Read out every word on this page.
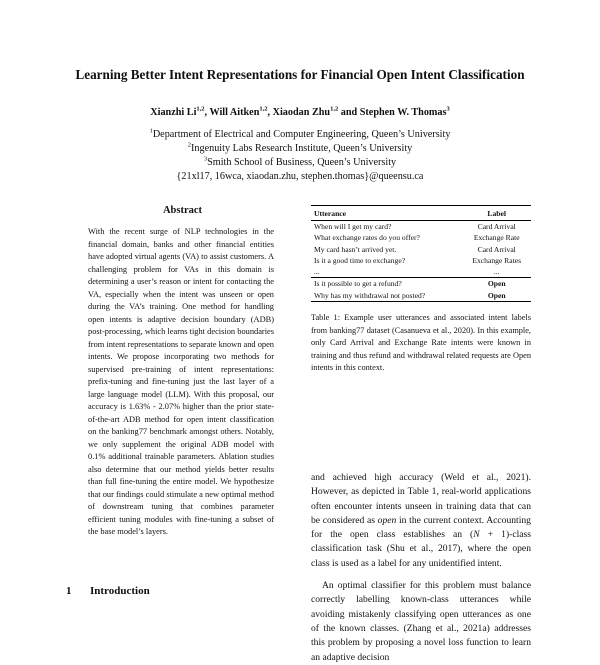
Learning Better Intent Representations for Financial Open Intent Classification
Xianzhi Li$^{1,2}$, Will Aitken$^{1,2}$, Xiaodan Zhu$^{1,2}$ and Stephen W. Thomas$^3$
$^1$Department of Electrical and Computer Engineering, Queen’s University
$^2$Ingenuity Labs Research Institute, Queen’s University
$^3$Smith School of Business, Queen’s University
{21xl17, 16wca, xiaodan.zhu, stephen.thomas}@queensu.ca
Abstract

With the recent surge of NLP technologies in the financial domain, banks and other financial entities have adopted virtual agents (VA) to assist customers. A challenging problem for VAs in this domain is determining a user’s reason or intent for contacting the VA, especially when the intent was unseen or open during the VA’s training. One method for handling open intents is adaptive decision boundary (ADB) post-processing, which learns tight decision boundaries from intent representations to separate known and open intents. We propose incorporating two methods for supervised pre-training of intent representations: prefix-tuning and fine-tuning just the last layer of a large language model (LLM). With this proposal, our accuracy is 1.63% - 2.07% higher than the prior state-of-the-art ADB method for open intent classification on the banking77 benchmark amongst others. Notably, we only supplement the original ADB model with 0.1% additional trainable parameters. Ablation studies also determine that our method yields better results than full fine-tuning the entire model. We hypothesize that our findings could stimulate a new optimal method of downstream tuning that combines parameter efficient tuning modules with fine-tuning a subset of the base model’s layers.

1 Introduction
Utterance	Label
When will I get my card?	Card Arrival
What exchange rates do you offer?	Exchange Rate
My card hasn’t arrived yet.	Card Arrival
Is it a good time to exchange?	Exchange Rates
...	...
Is it possible to get a refund?	Open
Why has my withdrawal not posted?	Open

Table 1: Example user utterances and associated intent labels from banking77 dataset (Casanueva et al., 2020). In this example, only Card Arrival and Exchange Rate intents were known in training and thus refund and withdrawal related requests are Open intents in this context.

and achieved high accuracy (Weld et al., 2021). However, as depicted in Table 1, real-world applications often encounter intents unseen in training data that can be considered as open in the current context. Accounting for the open class establishes an (N + 1)-class classification task (Shu et al., 2017), where the open class is used as a label for any unidentified intent.

An optimal classifier for this problem must balance correctly labelling known-class utterances while avoiding mistakenly classifying open utterances as one of the known classes. (Zhang et al., 2021a) addresses this problem by proposing a novel loss function to learn an adaptive decision
